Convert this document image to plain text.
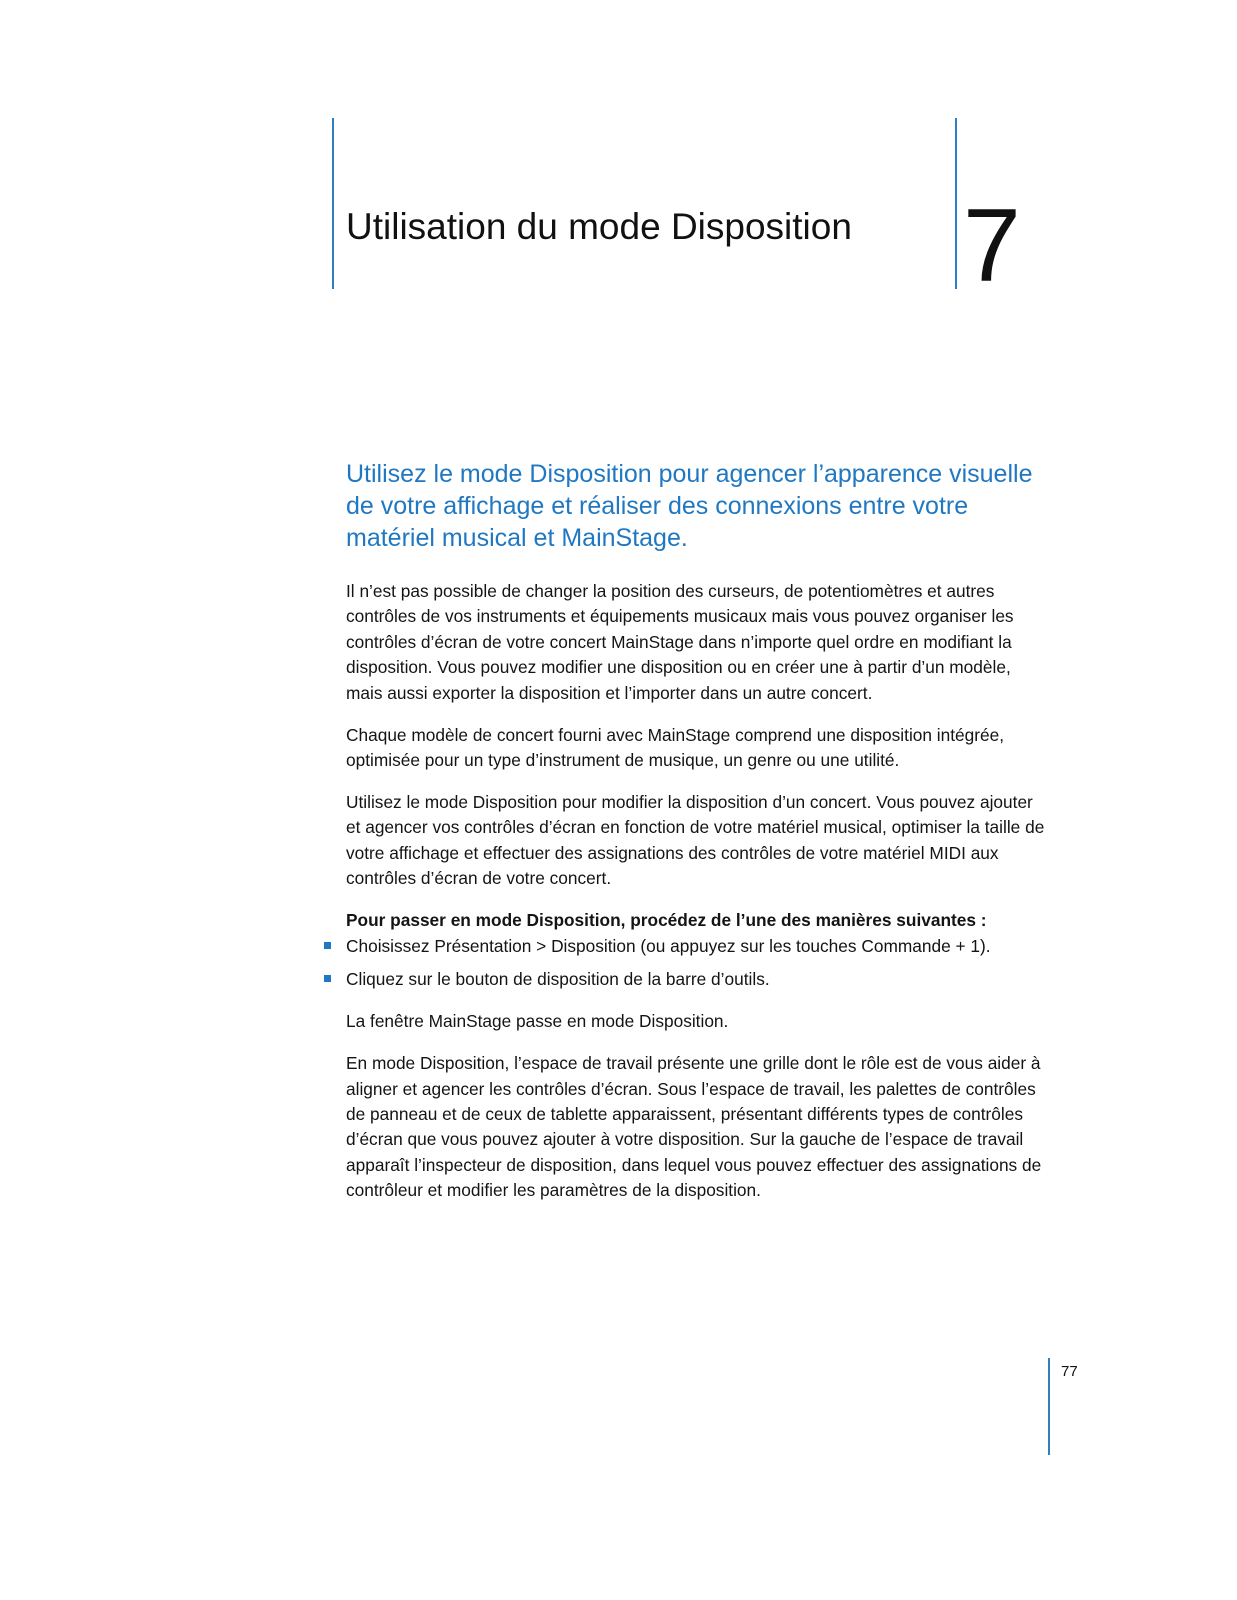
Utilisation du mode Disposition 7

Utilisez le mode Disposition pour agencer l’apparence visuelle de votre affichage et réaliser des connexions entre votre matériel musical et MainStage.

Il n’est pas possible de changer la position des curseurs, de potentiomètres et autres contrôles de vos instruments et équipements musicaux mais vous pouvez organiser les contrôles d’écran de votre concert MainStage dans n’importe quel ordre en modifiant la disposition. Vous pouvez modifier une disposition ou en créer une à partir d’un modèle, mais aussi exporter la disposition et l’importer dans un autre concert.

Chaque modèle de concert fourni avec MainStage comprend une disposition intégrée, optimisée pour un type d’instrument de musique, un genre ou une utilité.

Utilisez le mode Disposition pour modifier la disposition d’un concert. Vous pouvez ajouter et agencer vos contrôles d’écran en fonction de votre matériel musical, optimiser la taille de votre affichage et effectuer des assignations des contrôles de votre matériel MIDI aux contrôles d’écran de votre concert.

Pour passer en mode Disposition, procédez de l’une des manières suivantes :

Choisissez Présentation > Disposition (ou appuyez sur les touches Commande + 1).
Cliquez sur le bouton de disposition de la barre d’outils.

La fenêtre MainStage passe en mode Disposition.

En mode Disposition, l’espace de travail présente une grille dont le rôle est de vous aider à aligner et agencer les contrôles d’écran. Sous l’espace de travail, les palettes de contrôles de panneau et de ceux de tablette apparaissent, présentant différents types de contrôles d’écran que vous pouvez ajouter à votre disposition. Sur la gauche de l’espace de travail apparaît l’inspecteur de disposition, dans lequel vous pouvez effectuer des assignations de contrôleur et modifier les paramètres de la disposition.

77
